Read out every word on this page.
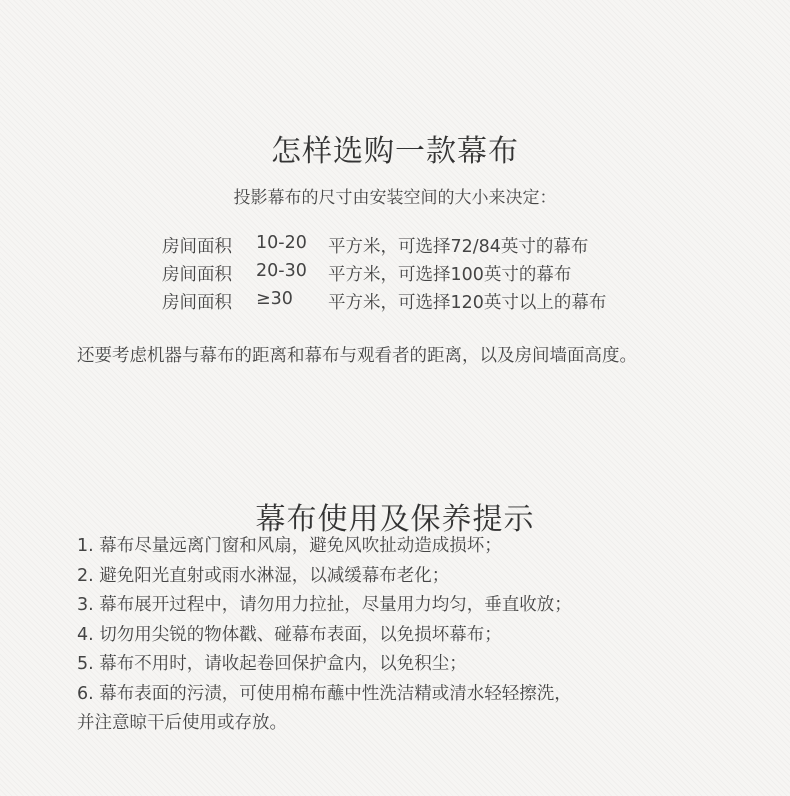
怎样选购一款幕布
投影幕布的尺寸由安装空间的大小来决定：
房间面积	10-20	平方米，可选择72/84英寸的幕布
房间面积	20-30	平方米，可选择100英寸的幕布
房间面积	≥30	平方米，可选择120英寸以上的幕布
还要考虑机器与幕布的距离和幕布与观看者的距离，以及房间墙面高度。
幕布使用及保养提示
1. 幕布尽量远离门窗和风扇，避免风吹扯动造成损坏；
2. 避免阳光直射或雨水淋湿，以减缓幕布老化；
3. 幕布展开过程中，请勿用力拉扯，尽量用力均匀，垂直收放；
4. 切勿用尖锐的物体戳、碰幕布表面，以免损坏幕布；
5. 幕布不用时，请收起卷回保护盒内，以免积尘；
6. 幕布表面的污渍，可使用棉布蘸中性洗洁精或清水轻轻擦洗，
并注意晾干后使用或存放。
